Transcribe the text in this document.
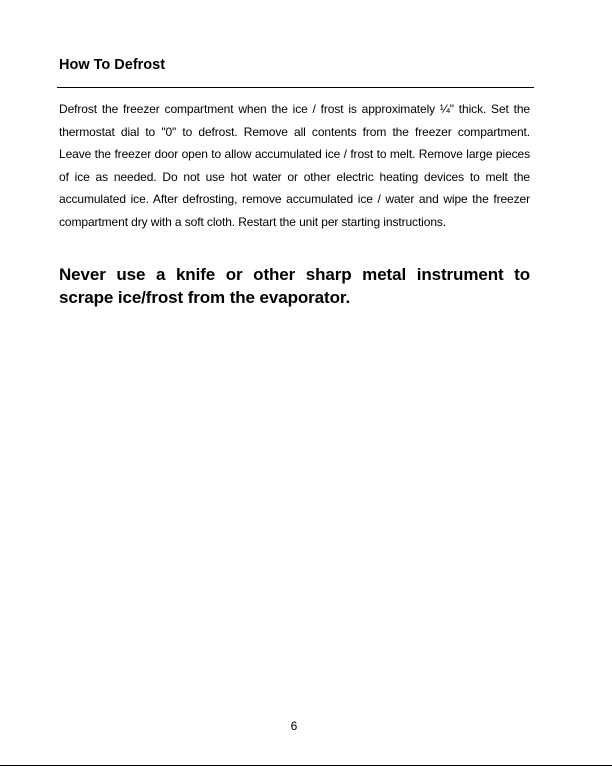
How To Defrost

Defrost the freezer compartment when the ice / frost is approximately ¼" thick. Set the thermostat dial to "0" to defrost. Remove all contents from the freezer compartment. Leave the freezer door open to allow accumulated ice / frost to melt. Remove large pieces of ice as needed. Do not use hot water or other electric heating devices to melt the accumulated ice. After defrosting, remove accumulated ice / water and wipe the freezer compartment dry with a soft cloth. Restart the unit per starting instructions.

Never use a knife or other sharp metal instrument to scrape ice/frost from the evaporator.

6
